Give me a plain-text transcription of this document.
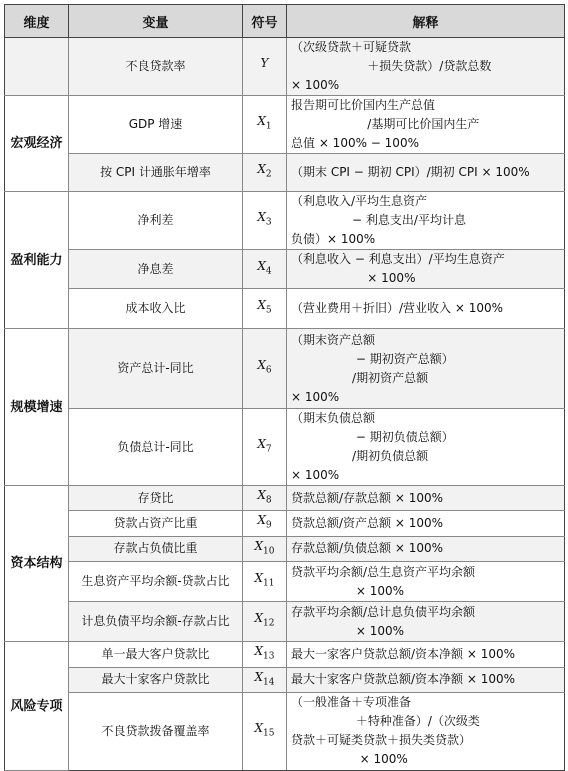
维度	变量	符号	解释
	不良贷款率	Y	（次级贷款＋可疑贷款
＋损失贷款）/贷款总数
× 100%

宏观经济	GDP 增速	$X_1$	报告期可比价国内生产总值
/基期可比价国内生产
总值 × 100% − 100%

	按 CPI 计通胀年增率	$X_2$	（期末 CPI − 期初 CPI）/期初 CPI × 100%

盈利能力	净利差	$X_3$	（利息收入/平均生息资产
− 利息支出/平均计息
负债）× 100%

	净息差	$X_4$	（利息收入 − 利息支出）/平均生息资产
× 100%

	成本收入比	$X_5$	（营业费用＋折旧）/营业收入 × 100%

规模增速	资产总计-同比	$X_6$	（期末资产总额
− 期初资产总额）
/期初资产总额
× 100%

	负债总计-同比	$X_7$	（期末负债总额
− 期初负债总额）
/期初负债总额
× 100%

资本结构	存贷比	$X_8$	贷款总额/存款总额 × 100%

	贷款占资产比重	$X_9$	贷款总额/资产总额 × 100%

	存款占负债比重	$X_{10}$	存款总额/负债总额 × 100%

	生息资产平均余额-贷款占比	$X_{11}$	贷款平均余额/总生息资产平均余额
× 100%

	计息负债平均余额-存款占比	$X_{12}$	存款平均余额/总计息负债平均余额
× 100%

风险专项	单一最大客户贷款比	$X_{13}$	最大一家客户贷款总额/资本净额 × 100%

	最大十家客户贷款比	$X_{14}$	最大十家客户贷款总额/资本净额 × 100%

	不良贷款拨备覆盖率	$X_{15}$	（一般准备＋专项准备
＋特种准备）/（次级类
贷款＋可疑类贷款＋损失类贷款）
× 100%
